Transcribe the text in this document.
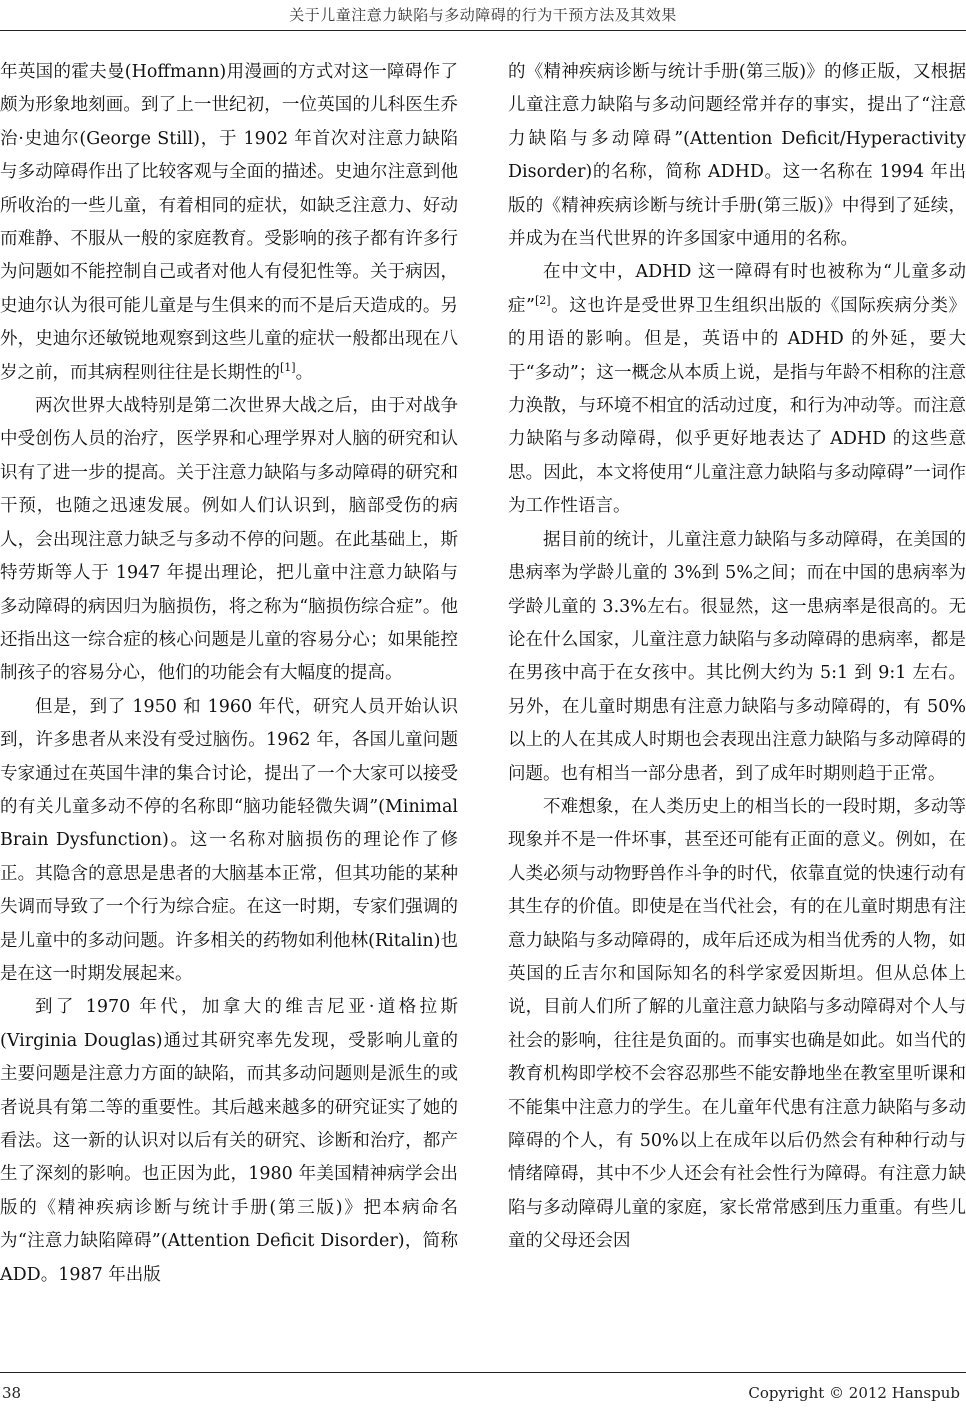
关于儿童注意力缺陷与多动障碍的行为干预方法及其效果

年英国的霍夫曼(Hoffmann)用漫画的方式对这一障碍作了颇为形象地刻画。到了上一世纪初，一位英国的儿科医生乔治·史迪尔(George Still)，于 1902 年首次对注意力缺陷与多动障碍作出了比较客观与全面的描述。史迪尔注意到他所收治的一些儿童，有着相同的症状，如缺乏注意力、好动而难静、不服从一般的家庭教育。受影响的孩子都有许多行为问题如不能控制自己或者对他人有侵犯性等。关于病因，史迪尔认为很可能儿童是与生俱来的而不是后天造成的。另外，史迪尔还敏锐地观察到这些儿童的症状一般都出现在八岁之前，而其病程则往往是长期性的[1]。

两次世界大战特别是第二次世界大战之后，由于对战争中受创伤人员的治疗，医学界和心理学界对人脑的研究和认识有了进一步的提高。关于注意力缺陷与多动障碍的研究和干预，也随之迅速发展。例如人们认识到，脑部受伤的病人，会出现注意力缺乏与多动不停的问题。在此基础上，斯特劳斯等人于 1947 年提出理论，把儿童中注意力缺陷与多动障碍的病因归为脑损伤，将之称为“脑损伤综合症”。他还指出这一综合症的核心问题是儿童的容易分心；如果能控制孩子的容易分心，他们的功能会有大幅度的提高。

但是，到了 1950 和 1960 年代，研究人员开始认识到，许多患者从来没有受过脑伤。1962 年，各国儿童问题专家通过在英国牛津的集合讨论，提出了一个大家可以接受的有关儿童多动不停的名称即“脑功能轻微失调”(Minimal Brain Dysfunction)。这一名称对脑损伤的理论作了修正。其隐含的意思是患者的大脑基本正常，但其功能的某种失调而导致了一个行为综合症。在这一时期，专家们强调的是儿童中的多动问题。许多相关的药物如利他林(Ritalin)也是在这一时期发展起来。

到了 1970 年代，加拿大的维吉尼亚·道格拉斯(Virginia Douglas)通过其研究率先发现，受影响儿童的主要问题是注意力方面的缺陷，而其多动问题则是派生的或者说具有第二等的重要性。其后越来越多的研究证实了她的看法。这一新的认识对以后有关的研究、诊断和治疗，都产生了深刻的影响。也正因为此，1980 年美国精神病学会出版的《精神疾病诊断与统计手册(第三版)》把本病命名为“注意力缺陷障碍”(Attention Deficit Disorder)，简称 ADD。1987 年出版

的《精神疾病诊断与统计手册(第三版)》的修正版，又根据儿童注意力缺陷与多动问题经常并存的事实，提出了“注意力缺陷与多动障碍”(Attention Deficit/Hyperactivity Disorder)的名称，简称 ADHD。这一名称在 1994 年出版的《精神疾病诊断与统计手册(第三版)》中得到了延续，并成为在当代世界的许多国家中通用的名称。

在中文中，ADHD 这一障碍有时也被称为“儿童多动症”[2]。这也许是受世界卫生组织出版的《国际疾病分类》的用语的影响。但是，英语中的 ADHD 的外延，要大于“多动”；这一概念从本质上说，是指与年龄不相称的注意力涣散，与环境不相宜的活动过度，和行为冲动等。而注意力缺陷与多动障碍，似乎更好地表达了 ADHD 的这些意思。因此，本文将使用“儿童注意力缺陷与多动障碍”一词作为工作性语言。

据目前的统计，儿童注意力缺陷与多动障碍，在美国的患病率为学龄儿童的 3%到 5%之间；而在中国的患病率为学龄儿童的 3.3%左右。很显然，这一患病率是很高的。无论在什么国家，儿童注意力缺陷与多动障碍的患病率，都是在男孩中高于在女孩中。其比例大约为 5:1 到 9:1 左右。另外，在儿童时期患有注意力缺陷与多动障碍的，有 50%以上的人在其成人时期也会表现出注意力缺陷与多动障碍的问题。也有相当一部分患者，到了成年时期则趋于正常。

不难想象，在人类历史上的相当长的一段时期，多动等现象并不是一件坏事，甚至还可能有正面的意义。例如，在人类必须与动物野兽作斗争的时代，依靠直觉的快速行动有其生存的价值。即使是在当代社会，有的在儿童时期患有注意力缺陷与多动障碍的，成年后还成为相当优秀的人物，如英国的丘吉尔和国际知名的科学家爱因斯坦。但从总体上说，目前人们所了解的儿童注意力缺陷与多动障碍对个人与社会的影响，往往是负面的。而事实也确是如此。如当代的教育机构即学校不会容忍那些不能安静地坐在教室里听课和不能集中注意力的学生。在儿童年代患有注意力缺陷与多动障碍的个人，有 50%以上在成年以后仍然会有种种行动与情绪障碍，其中不少人还会有社会性行为障碍。有注意力缺陷与多动障碍儿童的家庭，家长常常感到压力重重。有些儿童的父母还会因

38	Copyright © 2012 Hanspub
